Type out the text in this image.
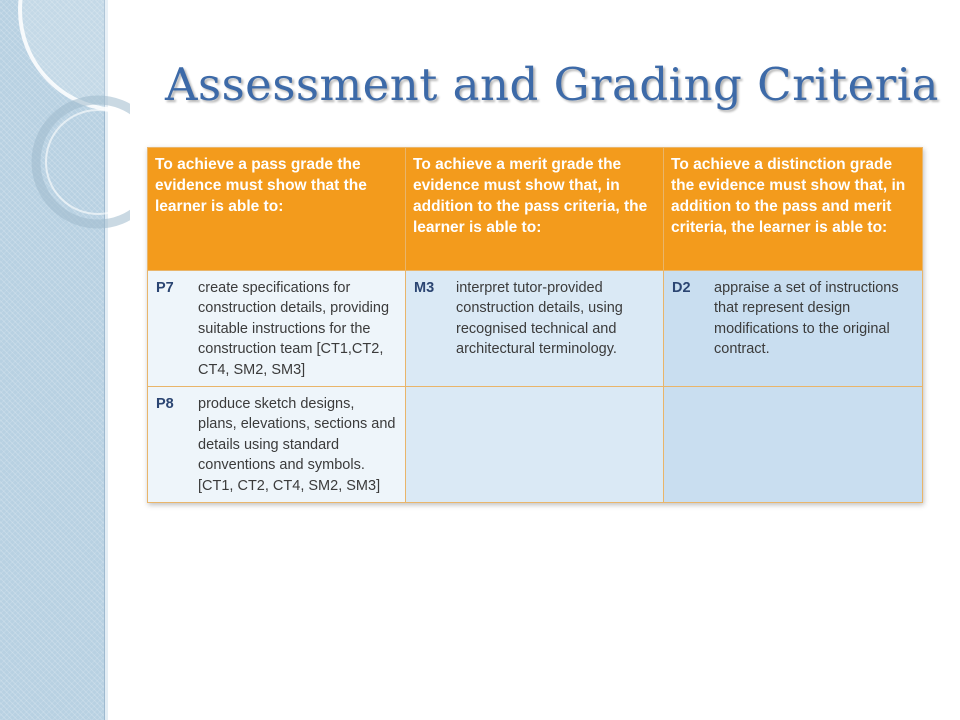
Assessment and Grading Criteria
To achieve a pass grade the evidence must show that the learner is able to:	To achieve a merit grade the evidence must show that, in addition to the pass criteria, the learner is able to:	To achieve a distinction grade the evidence must show that, in addition to the pass and merit criteria, the learner is able to:

P7 create specifications for construction details, providing suitable instructions for the construction team [CT1,CT2, CT4, SM2, SM3]	M3 interpret tutor-provided construction details, using recognised technical and architectural terminology.	D2 appraise a set of instructions that represent design modifications to the original contract.

P8 produce sketch designs, plans, elevations, sections and details using standard conventions and symbols. [CT1, CT2, CT4, SM2, SM3]		
